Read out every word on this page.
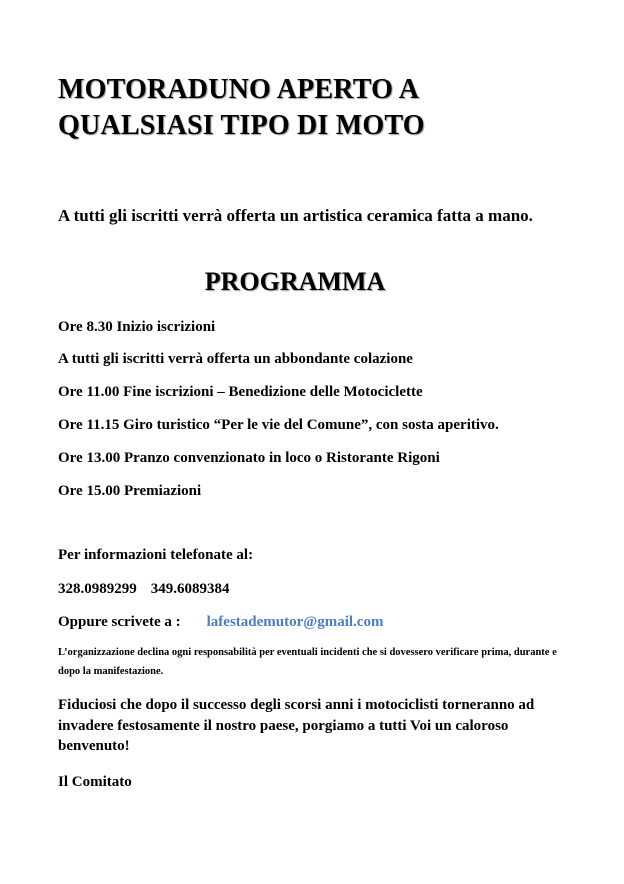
MOTORADUNO APERTO A
QUALSIASI TIPO DI MOTO
A tutti gli iscritti verrà offerta un artistica ceramica fatta a mano.
PROGRAMMA
Ore 8.30 Inizio iscrizioni
A tutti gli iscritti verrà offerta un abbondante colazione
Ore 11.00 Fine iscrizioni – Benedizione delle Motociclette
Ore 11.15 Giro turistico “Per le vie del Comune”, con sosta aperitivo.
Ore 13.00 Pranzo convenzionato in loco o Ristorante Rigoni
Ore 15.00 Premiazioni
Per informazioni telefonate al:
328.0989299 349.6089384
Oppure scrivete a : lafestademutor@gmail.com
L’organizzazione declina ogni responsabilità per eventuali incidenti che si dovessero verificare prima, durante e dopo la manifestazione.
Fiduciosi che dopo il successo degli scorsi anni i motociclisti torneranno ad invadere festosamente il nostro paese, porgiamo a tutti Voi un caloroso benvenuto!
Il Comitato
